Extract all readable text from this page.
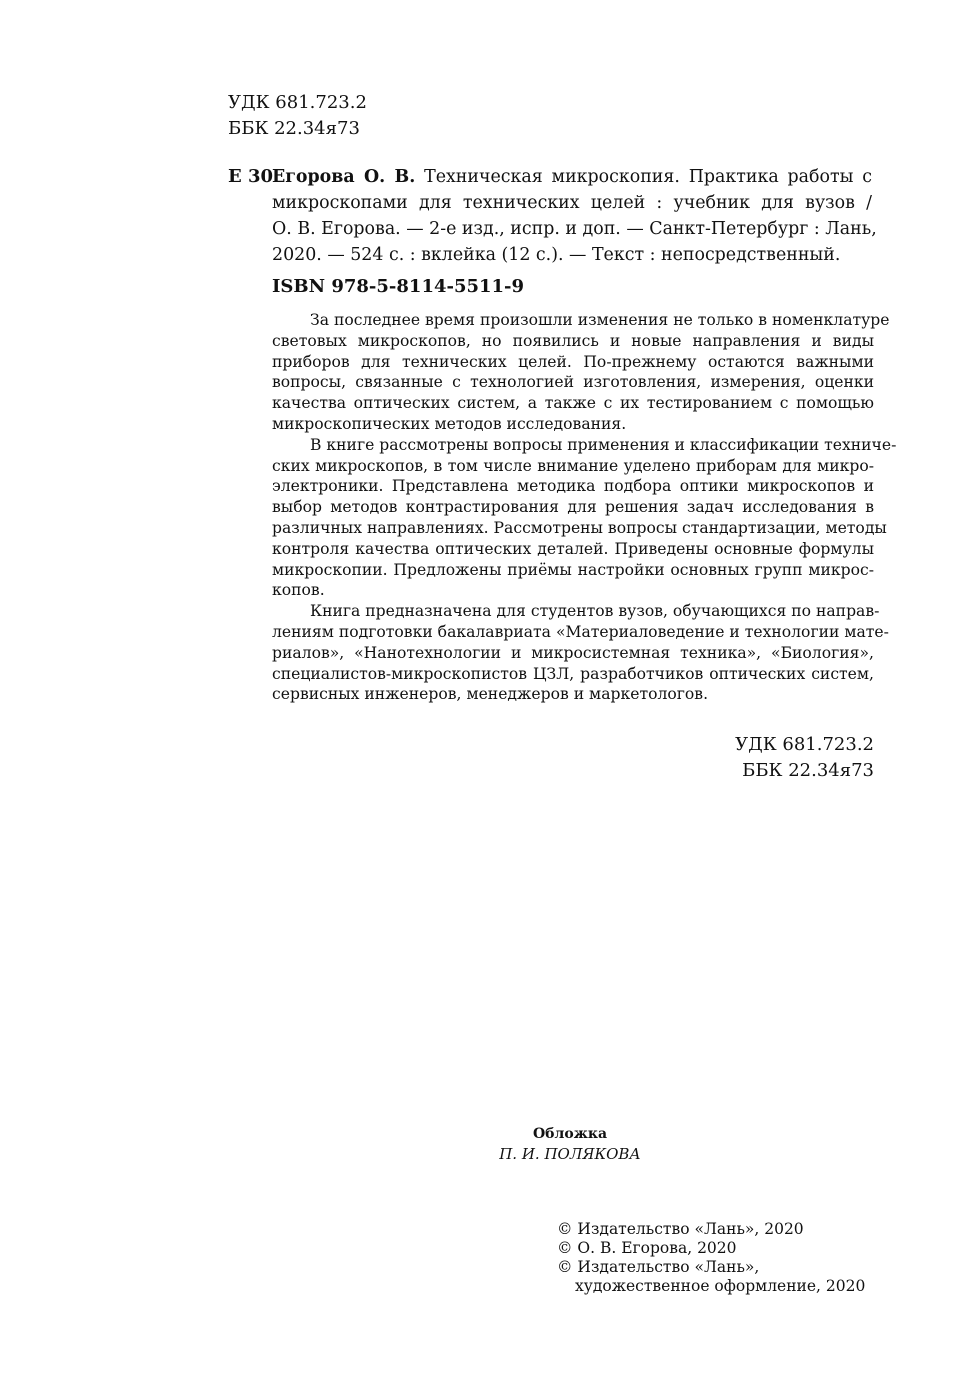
УДК 681.723.2
ББК 22.34я73
Е 30
Егорова О. В. Техническая микроскопия. Практика работы с
микроскопами для технических целей : учебник для вузов /
О. В. Егорова. — 2-е изд., испр. и доп. — Санкт-Петербург : Лань,
2020. — 524 с. : вклейка (12 с.). — Текст : непосредственный.
ISBN 978-5-8114-5511-9

За последнее время произошли изменения не только в номенклатуре
световых микроскопов, но появились и новые направления и виды
приборов для технических целей. По-прежнему остаются важными
вопросы, связанные с технологией изготовления, измерения, оценки
качества оптических систем, а также с их тестированием с помощью
микроскопических методов исследования.

В книге рассмотрены вопросы применения и классификации техниче-
ских микроскопов, в том числе внимание уделено приборам для микро-
электроники. Представлена методика подбора оптики микроскопов и
выбор методов контрастирования для решения задач исследования в
различных направлениях. Рассмотрены вопросы стандартизации, методы
контроля качества оптических деталей. Приведены основные формулы
микроскопии. Предложены приёмы настройки основных групп микрос-
копов.

Книга предназначена для студентов вузов, обучающихся по направ-
лениям подготовки бакалавриата «Материаловедение и технологии мате-
риалов», «Нанотехнологии и микросистемная техника», «Биология»,
специалистов-микроскопистов ЦЗЛ, разработчиков оптических систем,
сервисных инженеров, менеджеров и маркетологов.

УДК 681.723.2
ББК 22.34я73
Обложка
П. И. ПОЛЯКОВА
© Издательство «Лань», 2020
© О. В. Егорова, 2020
© Издательство «Лань»,
художественное оформление, 2020
